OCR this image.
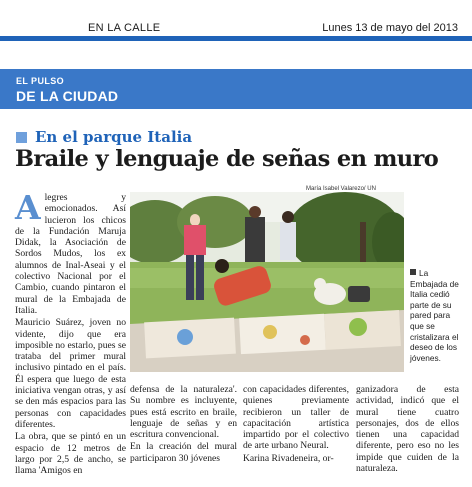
EN LA CALLE	Lunes 13 de mayo del 2013
EL PULSO
DE LA CIUDAD
En el parque Italia
Braile y lenguaje de señas en muro

Alegres y emocionados. Así lucieron los chicos de la Fundación Maruja Didak, la Asociación de Sordos Mudos, los ex alumnos de Inal-Aseai y el colectivo Nacional por el Cambio, cuando pintaron el mural de la Embajada de Italia.

Mauricio Suárez, joven no vidente, dijo que era imposible no estarlo, pues se trataba del primer mural inclusivo pintado en el país. Él espera que luego de esta iniciativa vengan otras, y así se den más espacios para las personas con capacidades diferentes.

La obra, que se pintó en un espacio de 12 metros de largo por 2,5 de ancho, se llama 'Amigos en

María Isabel Valarezo/ UN
La Embajada de Italia cedió parte de su pared para que se cristalizara el deseo de los jóvenes.

defensa de la naturaleza'. Su nombre es incluyente, pues está escrito en braile, lenguaje de señas y en escritura convencional.

En la creación del mural participaron 30 jóvenes

con capacidades diferentes, quienes previamente recibieron un taller de capacitación artística impartido por el colectivo de arte urbano Neural.

Karina Rivadeneira, or-

ganizadora de esta actividad, indicó que el mural tiene cuatro personajes, dos de ellos tienen una capacidad diferente, pero eso no les impide que cuiden de la naturaleza.
